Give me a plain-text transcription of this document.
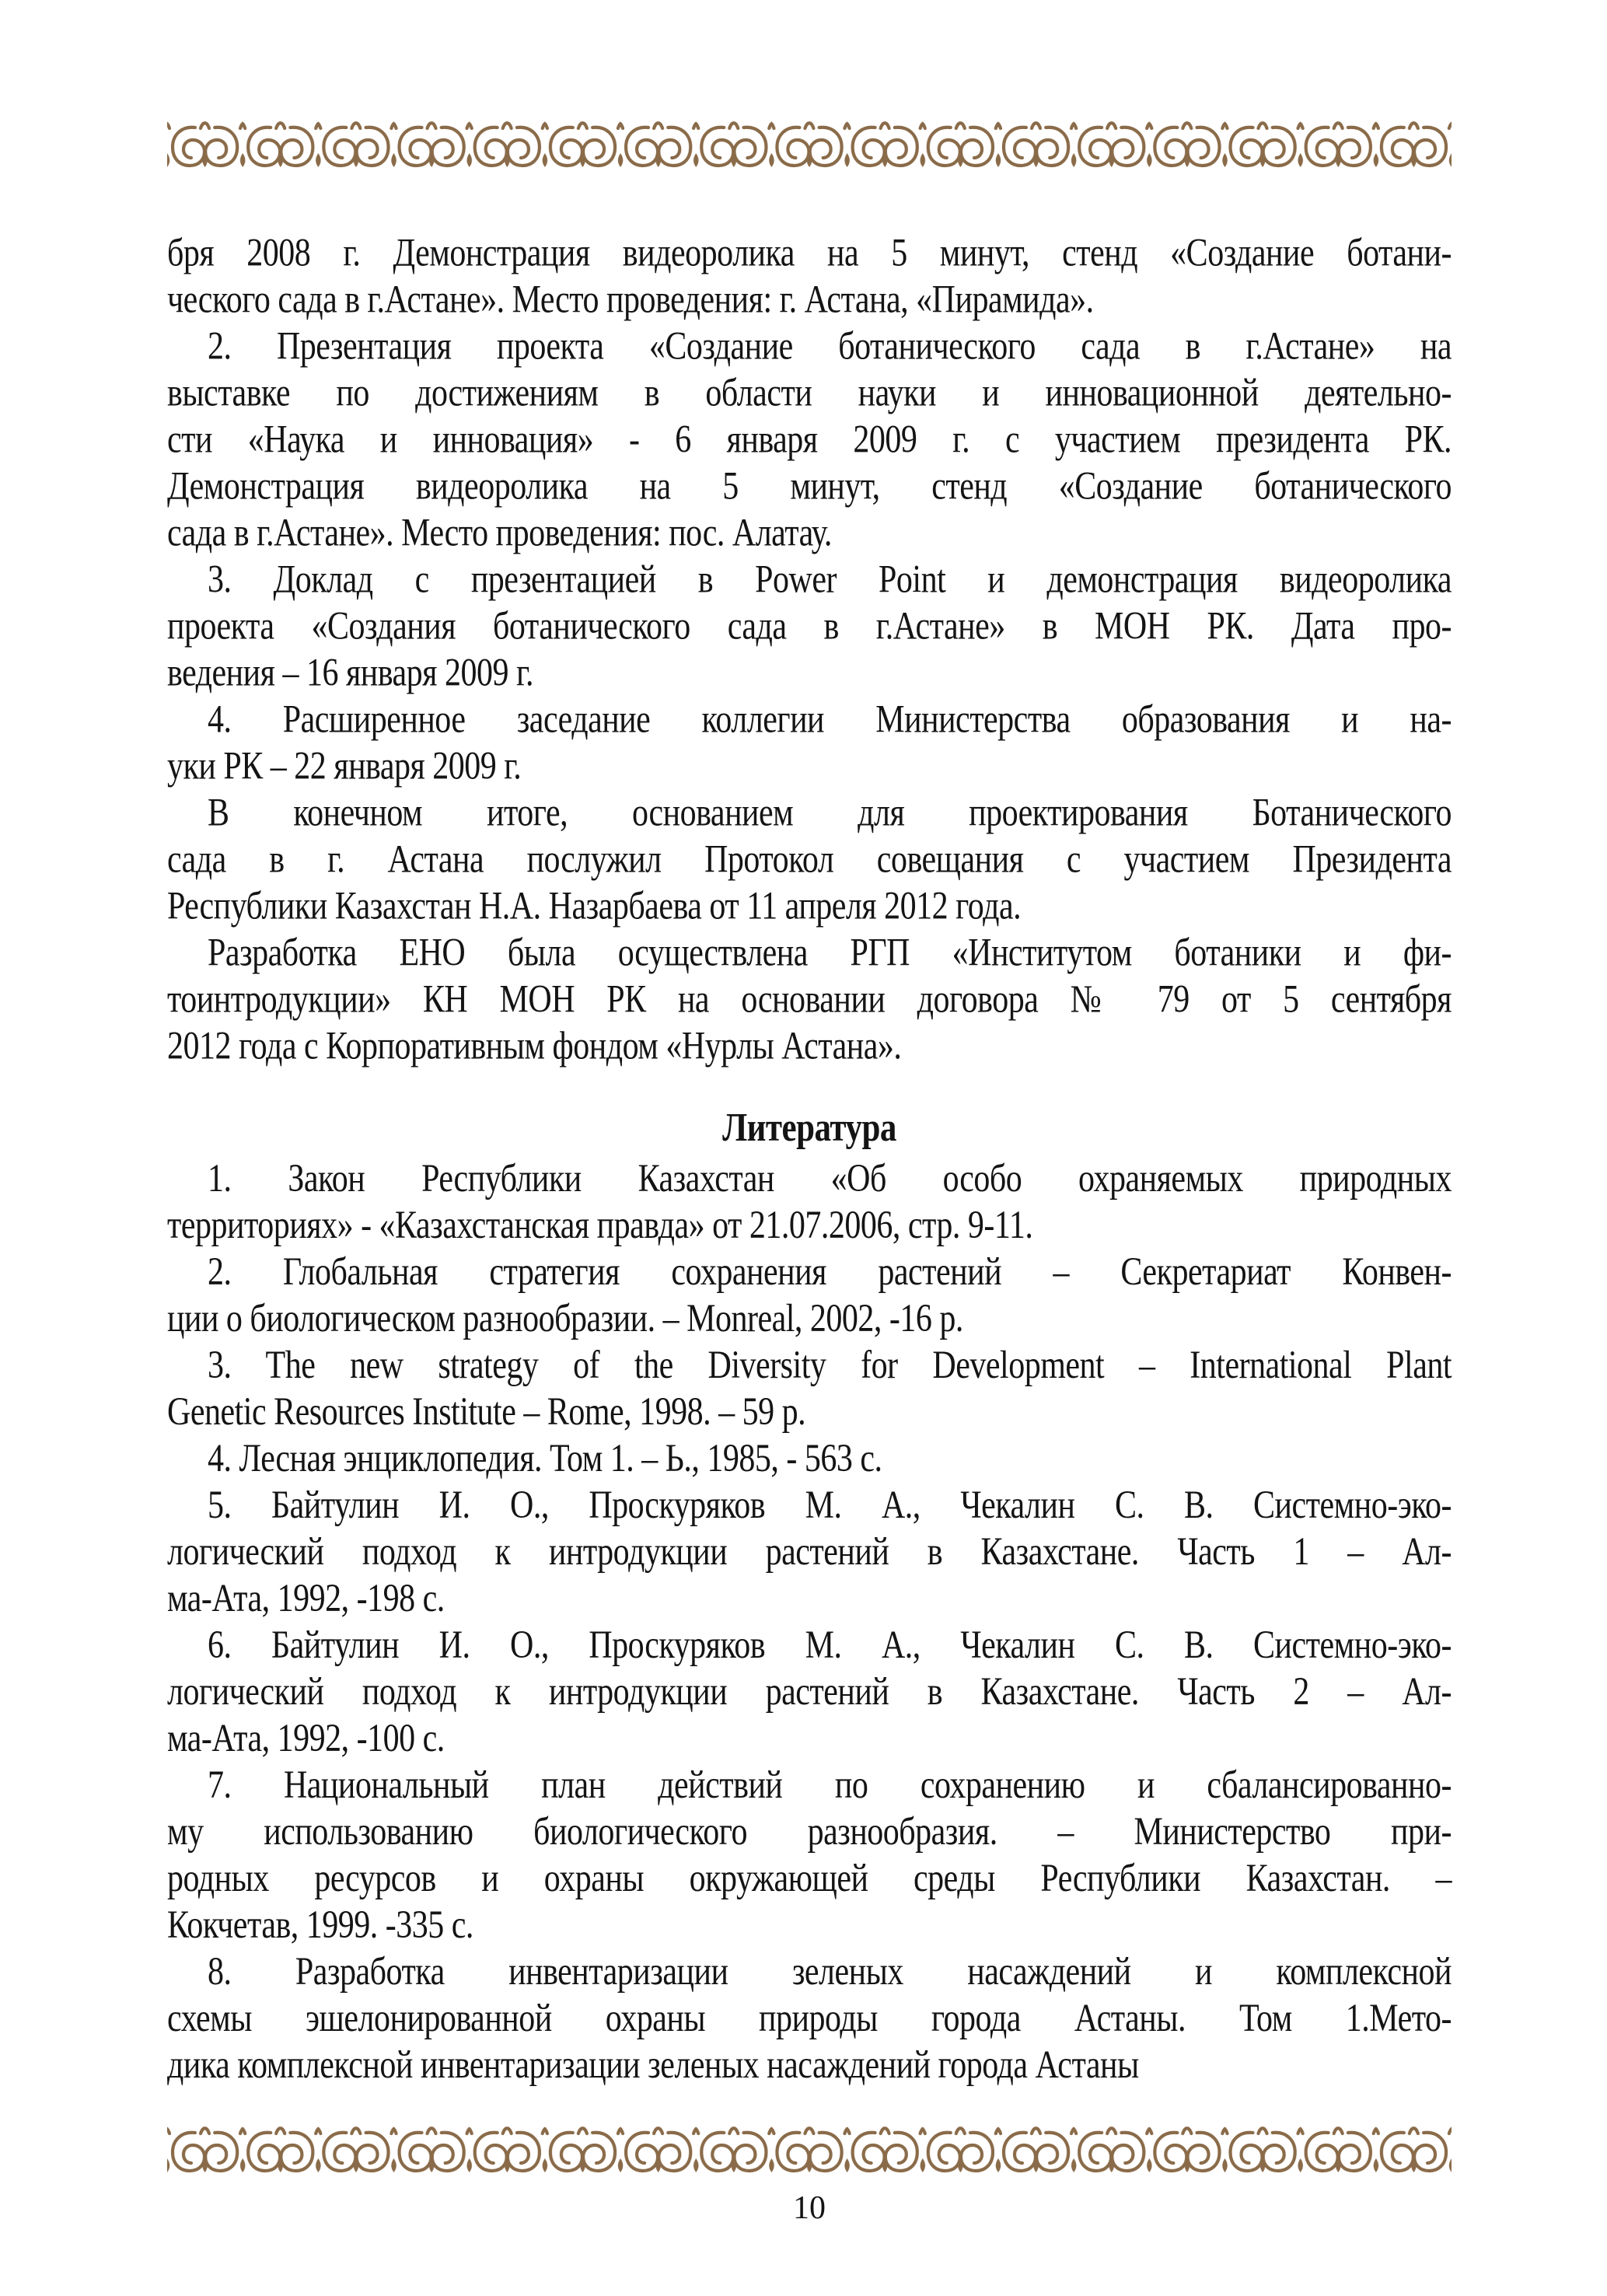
бря 2008 г. Демонстрация видеоролика на 5 минут, стенд «Создание ботани-
ческого сада в г.Астане». Место проведения: г. Астана, «Пирамида».

2. Презентация проекта «Создание ботанического сада в г.Астане» на
выставке по достижениям в области науки и инновационной деятельно-
сти «Наука и инновация» - 6 января 2009 г. с участием президента РК.
Демонстрация видеоролика на 5 минут, стенд «Создание ботанического
сада в г.Астане». Место проведения: пос. Алатау.

3. Доклад с презентацией в Power Point и демонстрация видеоролика
проекта «Создания ботанического сада в г.Астане» в МОН РК. Дата про-
ведения – 16 января 2009 г.

4. Расширенное заседание коллегии Министерства образования и на-
уки РК – 22 января 2009 г.

В конечном итоге, основанием для проектирования Ботанического
сада в г. Астана послужил Протокол совещания с участием Президента
Республики Казахстан Н.А. Назарбаева от 11 апреля 2012 года.

Разработка ЕНО была осуществлена РГП «Институтом ботаники и фи-
тоинтродукции» КН МОН РК на основании договора № 79 от 5 сентября
2012 года с Корпоративным фондом «Нурлы Астана».

Литература

1. Закон Республики Казахстан «Об особо охраняемых природных
территориях» - «Казахстанская правда» от 21.07.2006, стр. 9-11.

2. Глобальная стратегия сохранения растений – Секретариат Конвен-
ции о биологическом разнообразии. – Monreal, 2002, -16 p.

3. The new strategy of the Diversity for Development – International Plant
Genetic Resources Institute – Rome, 1998. – 59 p.

4. Лесная энциклопедия. Том 1. – Ь., 1985, - 563 с.

5. Байтулин И. О., Проскуряков М. А., Чекалин С. В. Системно-эко-
логический подход к интродукции растений в Казахстане. Часть 1 – Ал-
ма-Ата, 1992, -198 с.

6. Байтулин И. О., Проскуряков М. А., Чекалин С. В. Системно-эко-
логический подход к интродукции растений в Казахстане. Часть 2 – Ал-
ма-Ата, 1992, -100 с.

7. Национальный план действий по сохранению и сбалансированно-
му использованию биологического разнообразия. – Министерство при-
родных ресурсов и охраны окружающей среды Республики Казахстан. –
Кокчетав, 1999. -335 с.

8. Разработка инвентаризации зеленых насаждений и комплексной
схемы эшелонированной охраны природы города Астаны. Том 1.Мето-
дика комплексной инвентаризации зеленых насаждений города Астаны

10
